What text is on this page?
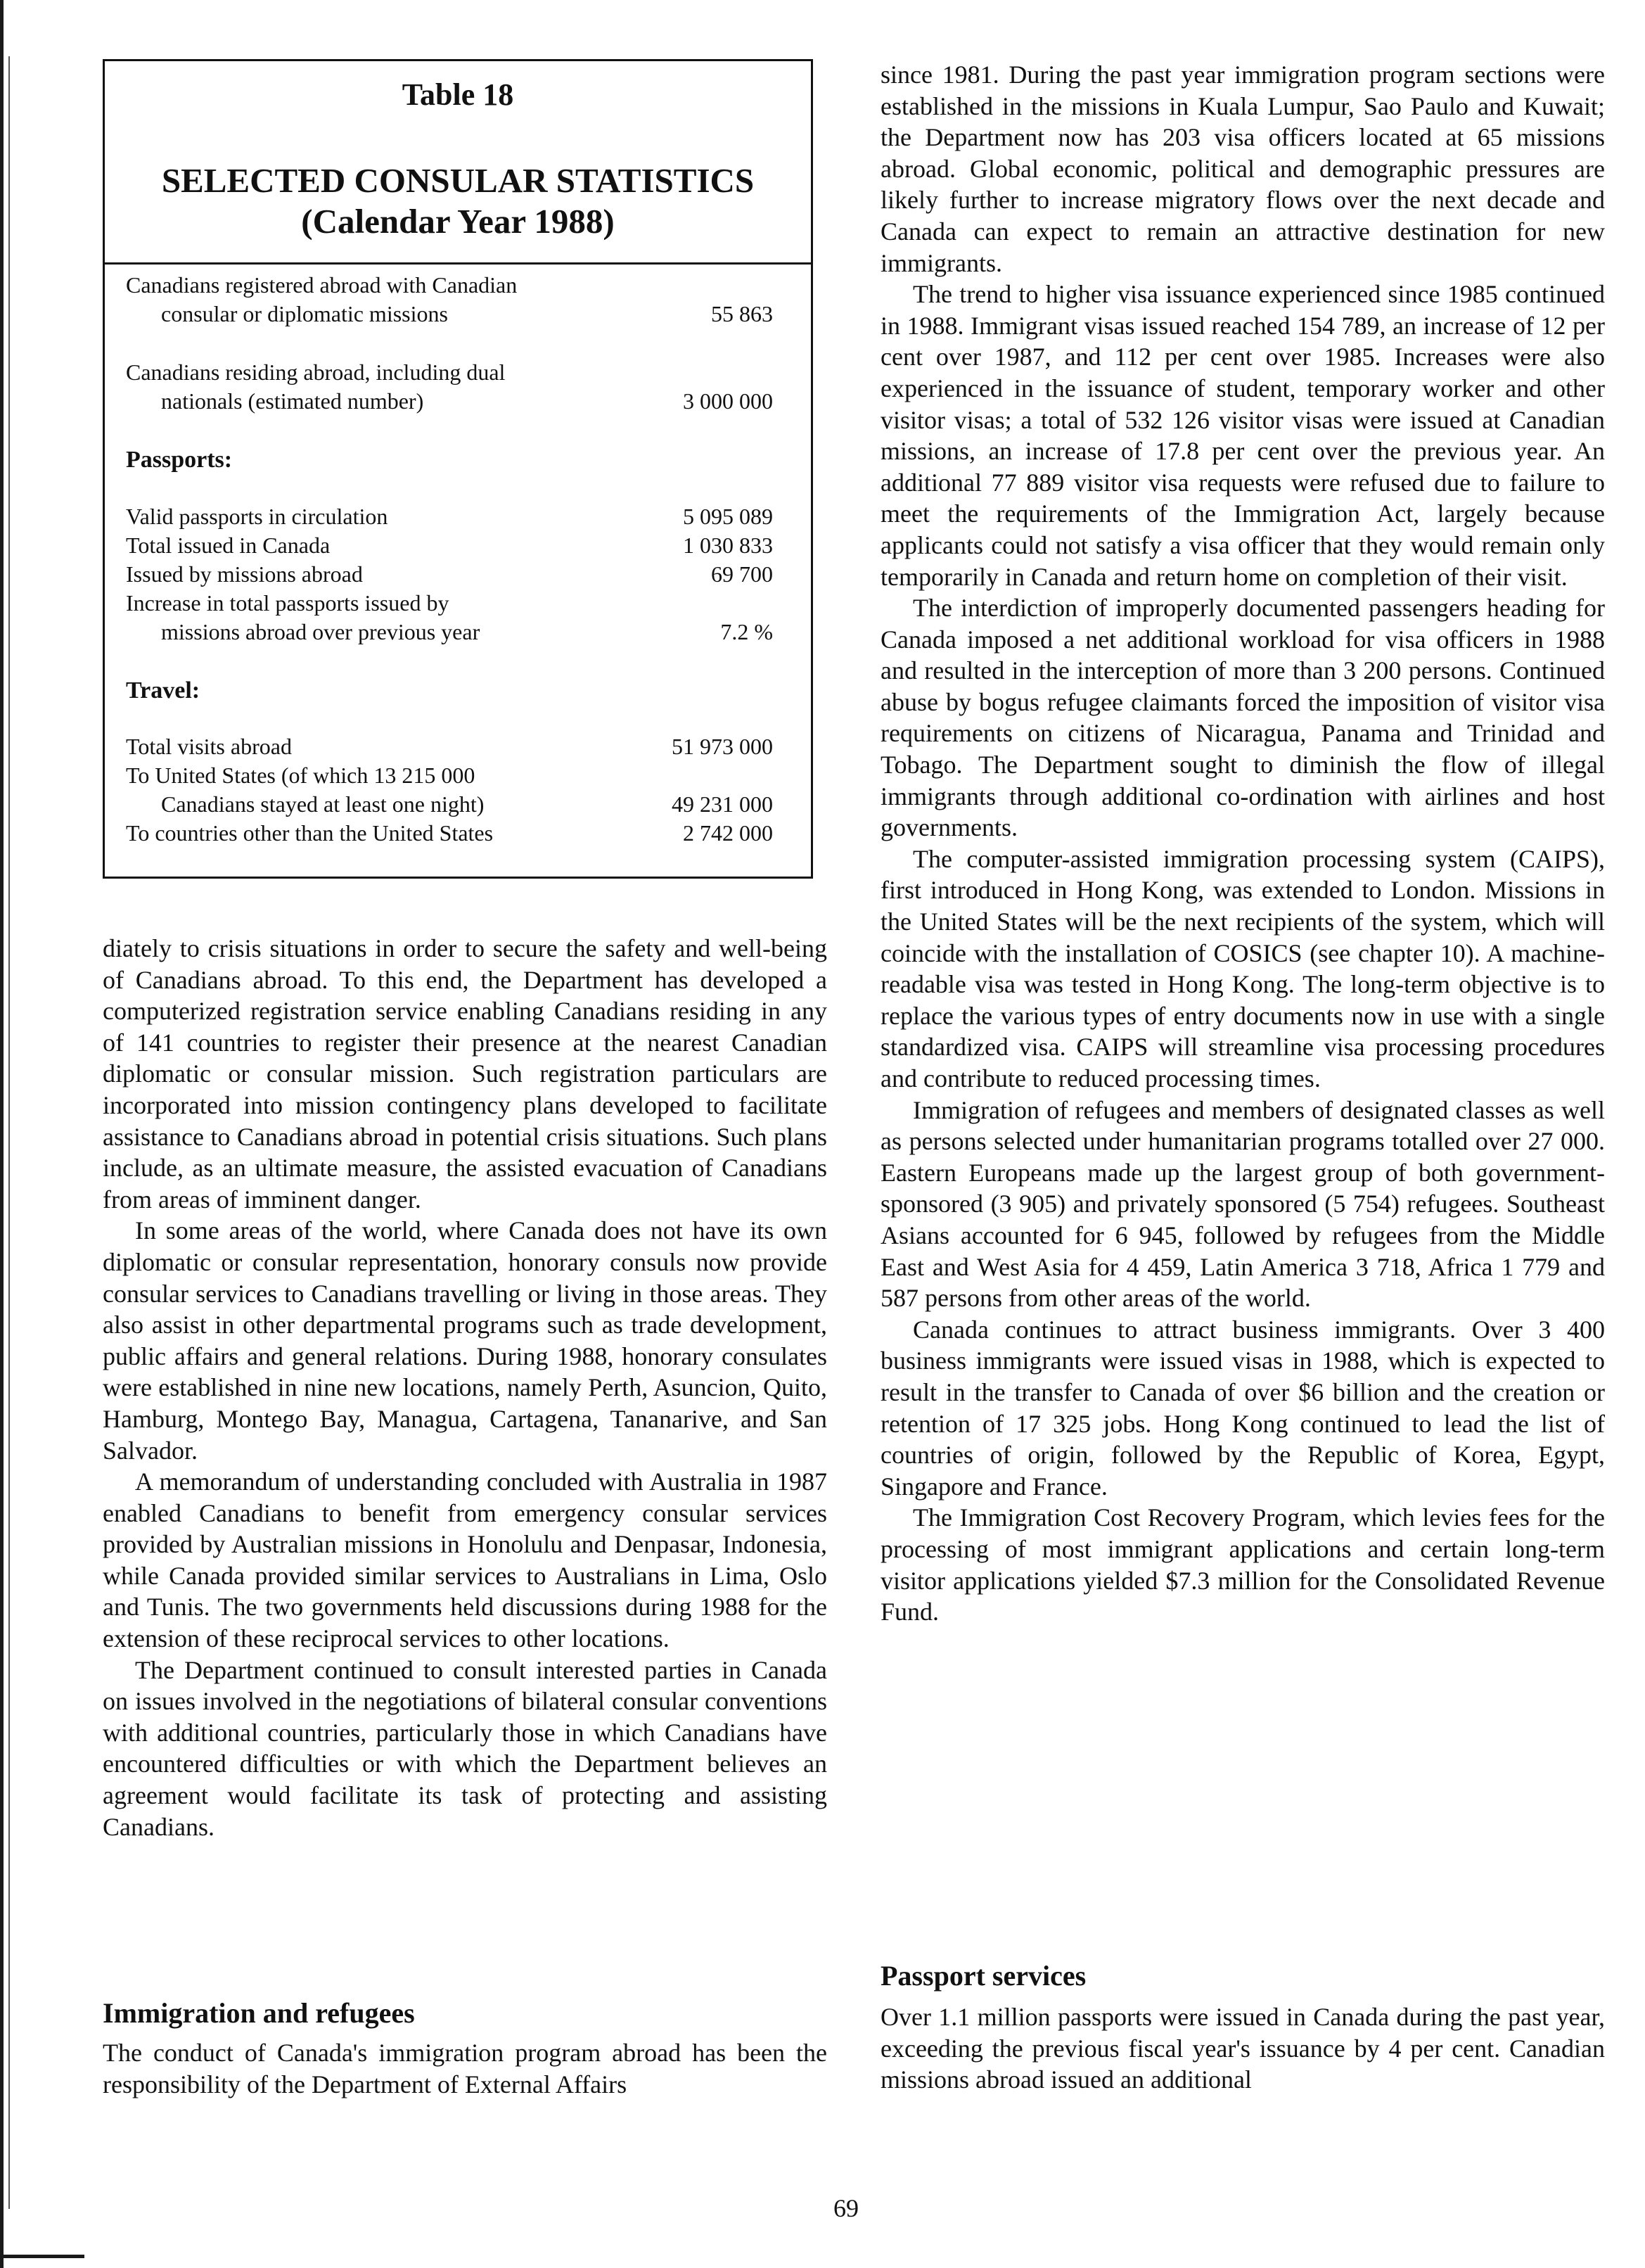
Table 18
SELECTED CONSULAR STATISTICS
(Calendar Year 1988)
Canadians registered abroad with Canadian
consular or diplomatic missions	55 863
Canadians residing abroad, including dual
nationals (estimated number)	3 000 000
Passports:
Valid passports in circulation	5 095 089
Total issued in Canada	1 030 833
Issued by missions abroad	69 700
Increase in total passports issued by
missions abroad over previous year	7.2 %
Travel:
Total visits abroad	51 973 000
To United States (of which 13 215 000
Canadians stayed at least one night)	49 231 000
To countries other than the United States	2 742 000

diately to crisis situations in order to secure the safety and well-being of Canadians abroad. To this end, the Department has developed a computerized registration service enabling Canadians residing in any of 141 countries to register their presence at the nearest Canadian diplomatic or consular mission. Such registration particulars are incorporated into mission contingency plans developed to facilitate assistance to Canadians abroad in potential crisis situations. Such plans include, as an ultimate measure, the assisted evacuation of Canadians from areas of imminent danger.

In some areas of the world, where Canada does not have its own diplomatic or consular representation, honorary consuls now provide consular services to Canadians travelling or living in those areas. They also assist in other departmental programs such as trade development, public affairs and general relations. During 1988, honorary consulates were established in nine new locations, namely Perth, Asuncion, Quito, Hamburg, Montego Bay, Managua, Cartagena, Tananarive, and San Salvador.

A memorandum of understanding concluded with Australia in 1987 enabled Canadians to benefit from emergency consular services provided by Australian missions in Honolulu and Denpasar, Indonesia, while Canada provided similar services to Australians in Lima, Oslo and Tunis. The two governments held discussions during 1988 for the extension of these reciprocal services to other locations.

The Department continued to consult interested parties in Canada on issues involved in the negotiations of bilateral consular conventions with additional countries, particularly those in which Canadians have encountered difficulties or with which the Department believes an agreement would facilitate its task of protecting and assisting Canadians.

Immigration and refugees

The conduct of Canada's immigration program abroad has been the responsibility of the Department of External Affairs

since 1981. During the past year immigration program sections were established in the missions in Kuala Lumpur, Sao Paulo and Kuwait; the Department now has 203 visa officers located at 65 missions abroad. Global economic, political and demographic pressures are likely further to increase migratory flows over the next decade and Canada can expect to remain an attractive destination for new immigrants.

The trend to higher visa issuance experienced since 1985 continued in 1988. Immigrant visas issued reached 154 789, an increase of 12 per cent over 1987, and 112 per cent over 1985. Increases were also experienced in the issuance of student, temporary worker and other visitor visas; a total of 532 126 visitor visas were issued at Canadian missions, an increase of 17.8 per cent over the previous year. An additional 77 889 visitor visa requests were refused due to failure to meet the requirements of the Immigration Act, largely because applicants could not satisfy a visa officer that they would remain only temporarily in Canada and return home on completion of their visit.

The interdiction of improperly documented passengers heading for Canada imposed a net additional workload for visa officers in 1988 and resulted in the interception of more than 3 200 persons. Continued abuse by bogus refugee claimants forced the imposition of visitor visa requirements on citizens of Nicaragua, Panama and Trinidad and Tobago. The Department sought to diminish the flow of illegal immigrants through additional co-ordination with airlines and host governments.

The computer-assisted immigration processing system (CAIPS), first introduced in Hong Kong, was extended to London. Missions in the United States will be the next recipients of the system, which will coincide with the installation of COSICS (see chapter 10). A machine-readable visa was tested in Hong Kong. The long-term objective is to replace the various types of entry documents now in use with a single standardized visa. CAIPS will streamline visa processing procedures and contribute to reduced processing times.

Immigration of refugees and members of designated classes as well as persons selected under humanitarian programs totalled over 27 000. Eastern Europeans made up the largest group of both government-sponsored (3 905) and privately sponsored (5 754) refugees. Southeast Asians accounted for 6 945, followed by refugees from the Middle East and West Asia for 4 459, Latin America 3 718, Africa 1 779 and 587 persons from other areas of the world.

Canada continues to attract business immigrants. Over 3 400 business immigrants were issued visas in 1988, which is expected to result in the transfer to Canada of over $6 billion and the creation or retention of 17 325 jobs. Hong Kong continued to lead the list of countries of origin, followed by the Republic of Korea, Egypt, Singapore and France.

The Immigration Cost Recovery Program, which levies fees for the processing of most immigrant applications and certain long-term visitor applications yielded $7.3 million for the Consolidated Revenue Fund.

Passport services

Over 1.1 million passports were issued in Canada during the past year, exceeding the previous fiscal year's issuance by 4 per cent. Canadian missions abroad issued an additional

69
